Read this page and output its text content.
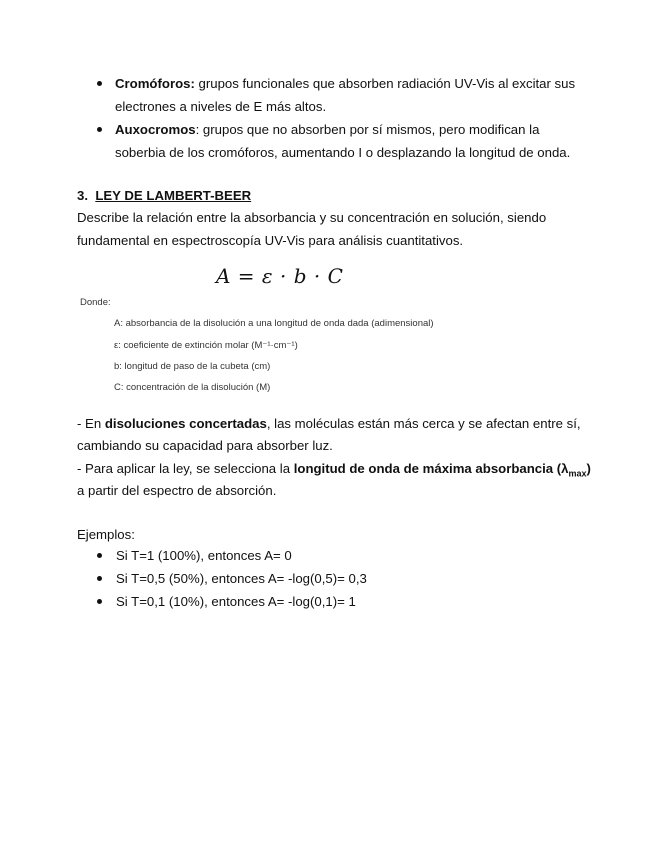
Cromóforos: grupos funcionales que absorben radiación UV-Vis al excitar sus
electrones a niveles de E más altos.
Auxocromos: grupos que no absorben por sí mismos, pero modifican la
soberbia de los cromóforos, aumentando I o desplazando la longitud de onda.
3. LEY DE LAMBERT-BEER
Describe la relación entre la absorbancia y su concentración en solución, siendo
fundamental en espectroscopía UV-Vis para análisis cuantitativos.
A = ε · b · C
Donde:
A: absorbancia de la disolución a una longitud de onda dada (adimensional)
ε: coeficiente de extinción molar (M⁻¹·cm⁻¹)
b: longitud de paso de la cubeta (cm)
C: concentración de la disolución (M)
- En disoluciones concertadas, las moléculas están más cerca y se afectan entre sí,
cambiando su capacidad para absorber luz.
- Para aplicar la ley, se selecciona la longitud de onda de máxima absorbancia $(\lambda_{max})$
a partir del espectro de absorción.
Ejemplos:
Si T=1 (100%), entonces A= 0
Si T=0,5 (50%), entonces A= -log(0,5)= 0,3
Si T=0,1 (10%), entonces A= -log(0,1)= 1
